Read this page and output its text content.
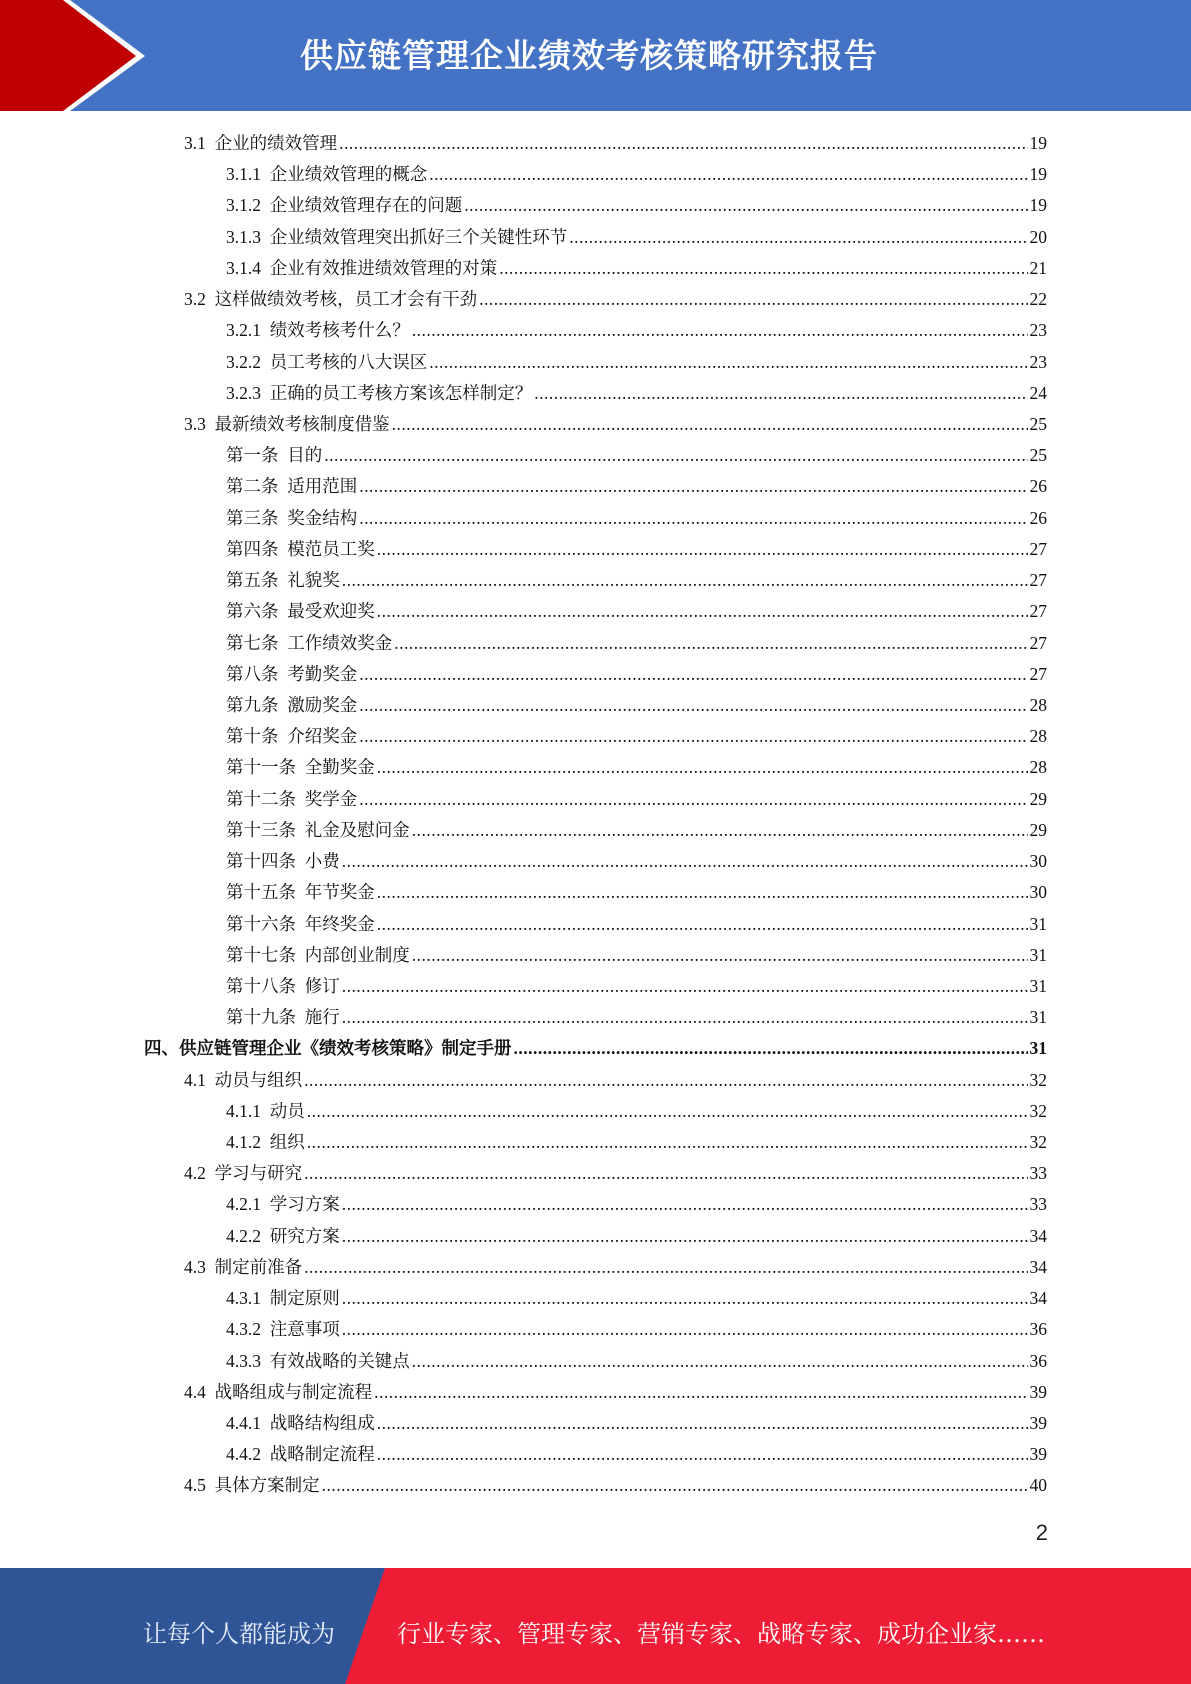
供应链管理企业绩效考核策略研究报告
3.1  企业的绩效管理 .....	19
3.1.1  企业绩效管理的概念 .....	19
3.1.2  企业绩效管理存在的问题 .....	19
3.1.3  企业绩效管理突出抓好三个关键性环节 .....	20
3.1.4  企业有效推进绩效管理的对策 .....	21
3.2  这样做绩效考核，员工才会有干劲 .....	22
3.2.1  绩效考核考什么？ .....	23
3.2.2  员工考核的八大误区 .....	23
3.2.3  正确的员工考核方案该怎样制定？ .....	24
3.3  最新绩效考核制度借鉴 .....	25
第一条  目的 .....	25
第二条  适用范围 .....	26
第三条  奖金结构 .....	26
第四条  模范员工奖 .....	27
第五条  礼貌奖 .....	27
第六条  最受欢迎奖 .....	27
第七条  工作绩效奖金 .....	27
第八条  考勤奖金 .....	27
第九条  激励奖金 .....	28
第十条  介绍奖金 .....	28
第十一条  全勤奖金 .....	28
第十二条  奖学金 .....	29
第十三条  礼金及慰问金 .....	29
第十四条  小费 .....	30
第十五条  年节奖金 .....	30
第十六条  年终奖金 .....	31
第十七条  内部创业制度 .....	31
第十八条  修订 .....	31
第十九条  施行 .....	31
四、供应链管理企业《绩效考核策略》制定手册 .....	31
4.1  动员与组织 .....	32
4.1.1  动员 .....	32
4.1.2  组织 .....	32
4.2  学习与研究 .....	33
4.2.1  学习方案 .....	33
4.2.2  研究方案 .....	34
4.3  制定前准备 .....	34
4.3.1  制定原则 .....	34
4.3.2  注意事项 .....	36
4.3.3  有效战略的关键点 .....	36
4.4  战略组成与制定流程 .....	39
4.4.1  战略结构组成 .....	39
4.4.2  战略制定流程 .....	39
4.5  具体方案制定 .....	40
2
让每个人都能成为	行业专家、管理专家、营销专家、战略专家、成功企业家……
